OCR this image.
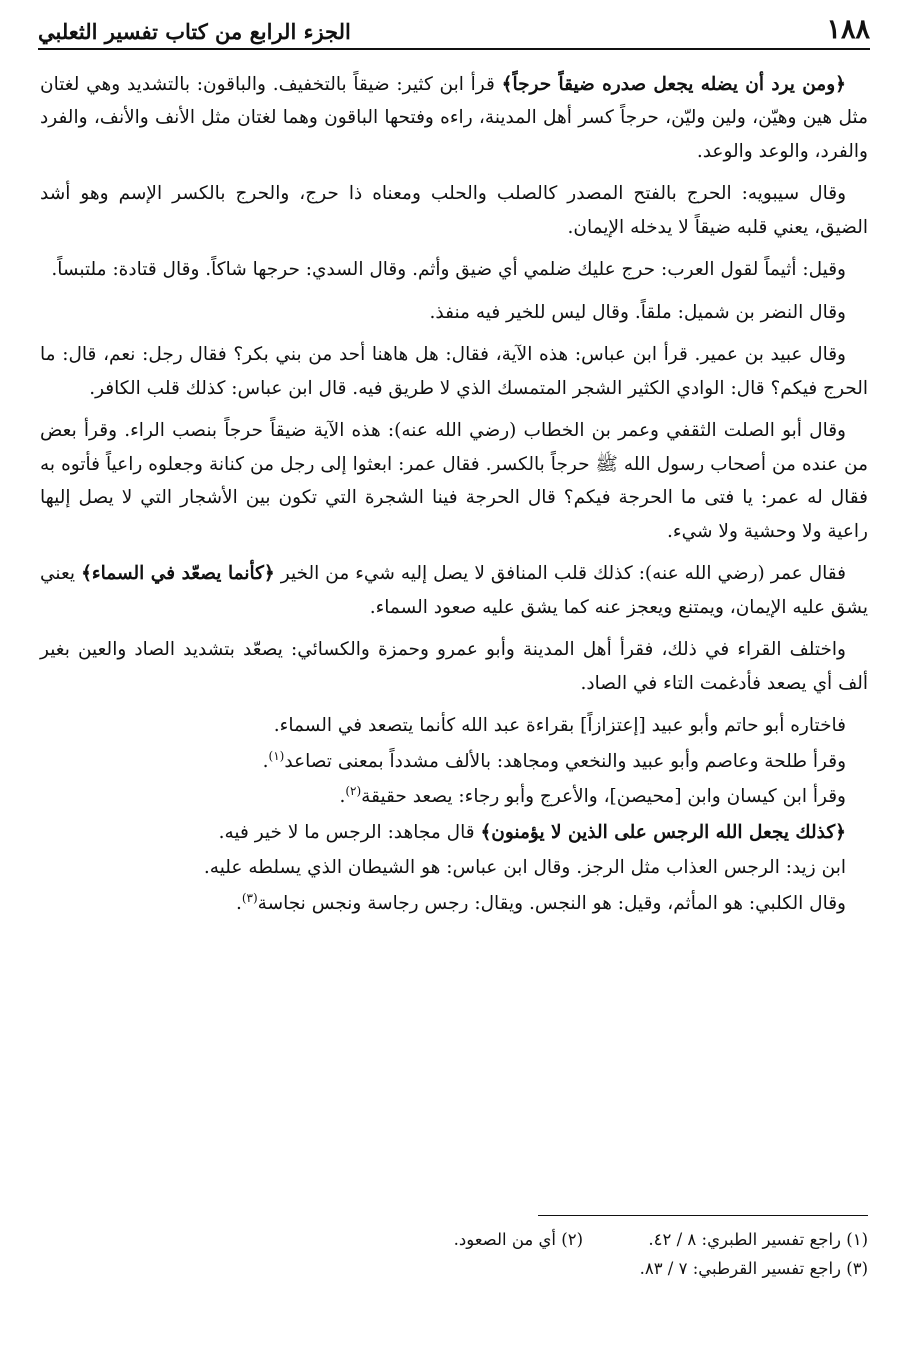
١٨٨
الجزء الرابع من كتاب تفسير الثعلبي

﴿ومن يرد أن يضله يجعل صدره ضيقاً حرجاً﴾ قرأ ابن كثير: ضيقاً بالتخفيف. والباقون: بالتشديد وهي لغتان مثل هين وهيّن، ولين وليّن، حرجاً كسر أهل المدينة، راءه وفتحها الباقون وهما لغتان مثل الأنف والأنف، والفرد والفرد، والوعد والوعد.

وقال سيبويه: الحرج بالفتح المصدر كالصلب والحلب ومعناه ذا حرج، والحرج بالكسر الإسم وهو أشد الضيق، يعني قلبه ضيقاً لا يدخله الإيمان.

وقيل: أثيماً لقول العرب: حرج عليك ضلمي أي ضيق وأثم. وقال السدي: حرجها شاكاً. وقال قتادة: ملتبساً.

وقال النضر بن شميل: ملقاً. وقال ليس للخير فيه منفذ.

وقال عبيد بن عمير. قرأ ابن عباس: هذه الآية، فقال: هل هاهنا أحد من بني بكر؟ فقال رجل: نعم، قال: ما الحرج فيكم؟ قال: الوادي الكثير الشجر المتمسك الذي لا طريق فيه. قال ابن عباس: كذلك قلب الكافر.

وقال أبو الصلت الثقفي وعمر بن الخطاب (رضي الله عنه): هذه الآية ضيقاً حرجاً بنصب الراء. وقرأ بعض من عنده من أصحاب رسول الله ﷺ حرجاً بالكسر. فقال عمر: ابعثوا إلى رجل من كنانة وجعلوه راعياً فأتوه به فقال له عمر: يا فتى ما الحرجة فيكم؟ قال الحرجة فينا الشجرة التي تكون بين الأشجار التي لا يصل إليها راعية ولا وحشية ولا شيء.

فقال عمر (رضي الله عنه): كذلك قلب المنافق لا يصل إليه شيء من الخير ﴿كأنما يصعّد في السماء﴾ يعني يشق عليه الإيمان، ويمتنع ويعجز عنه كما يشق عليه صعود السماء.

واختلف القراء في ذلك، فقرأ أهل المدينة وأبو عمرو وحمزة والكسائي: يصعّد بتشديد الصاد والعين بغير ألف أي يصعد فأدغمت التاء في الصاد.

فاختاره أبو حاتم وأبو عبيد [إعتزازاً] بقراءة عبد الله كأنما يتصعد في السماء.

وقرأ طلحة وعاصم وأبو عبيد والنخعي ومجاهد: بالألف مشدداً بمعنى تصاعد$^{(١)}$.

وقرأ ابن كيسان وابن [محيصن]، والأعرج وأبو رجاء: يصعد حقيقة$^{(٢)}$.

﴿كذلك يجعل الله الرجس على الذين لا يؤمنون﴾ قال مجاهد: الرجس ما لا خير فيه.

ابن زيد: الرجس العذاب مثل الرجز. وقال ابن عباس: هو الشيطان الذي يسلطه عليه.

وقال الكلبي: هو المأثم، وقيل: هو النجس. ويقال: رجس رجاسة ونجس نجاسة$^{(٣)}$.

(١) راجع تفسير الطبري: ٨ / ٤٢.
(٢) أي من الصعود.
(٣) راجع تفسير القرطبي: ٧ / ٨٣.
